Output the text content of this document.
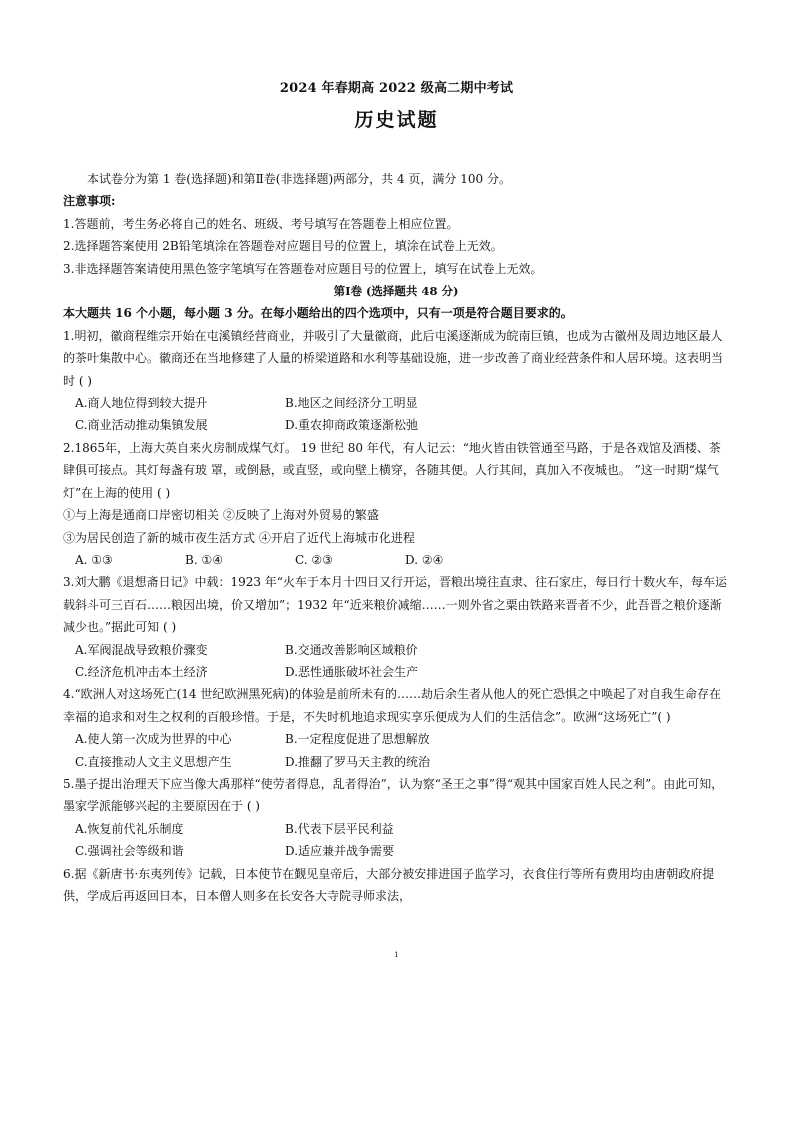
2024 年春期高 2022 级高二期中考试
历史试题

本试卷分为第 1 卷(选择题)和第Ⅱ卷(非选择题)两部分，共 4 页，满分 100 分。

注意事项:

1.答题前，考生务必将自己的姓名、班级、考号填写在答题卷上相应位置。

2.选择题答案使用 2B铅笔填涂在答题卷对应题目号的位置上，填涂在试卷上无效。

3.非选择题答案请使用黑色签字笔填写在答题卷对应题目号的位置上，填写在试卷上无效。

第Ⅰ卷 (选择题共 48 分)

本大题共 16 个小题，每小题 3 分。在每小题给出的四个选项中，只有一项是符合题目要求的。

1.明初，徽商程维宗开始在屯溪镇经营商业，并吸引了大量徽商，此后屯溪逐渐成为皖南巨镇，也成为古徽州及周边地区最人的茶叶集散中心。徽商还在当地修建了人量的桥梁道路和水利等基础设施，进一步改善了商业经营条件和人居环境。这表明当时 ( )

A.商人地位得到较大提升	B.地区之间经济分工明显
C.商业活动推动集镇发展	D.重农抑商政策逐渐松弛

2.1865年，上海大英自来火房制成煤气灯。 19 世纪 80 年代，有人记云：“地火皆由铁管通至马路，于是各戏馆及酒楼、茶肆俱可接点。其灯每盏有玻 罩，或倒悬，或直竖，或向壁上横穿，各随其便。人行其间，真加入不夜城也。 ”这一时期“煤气灯”在上海的使用 ( )

①与上海是通商口岸密切相关 ②反映了上海对外贸易的繁盛

③为居民创造了新的城市夜生活方式 ④开启了近代上海城市化进程

A. ①③	B. ①④	C. ②③	D. ②④

3.刘大鹏《退想斋日记》中载：1923 年“火车于本月十四日又行开运，晋粮出境往直隶、往石家庄，每日行十数火车，每车运载斜斗可三百石……粮因出境，价又增加”；1932 年“近来粮价减缩……一则外省之粟由铁路来晋者不少，此吾晋之粮价逐渐减少也。”据此可知 ( )

A.军阀混战导致粮价骤变	B.交通改善影响区域粮价
C.经济危机冲击本土经济	D.恶性通胀破坏社会生产

4.“欧洲人对这场死亡(14 世纪欧洲黑死病)的体验是前所未有的……劫后余生者从他人的死亡恐惧之中唤起了对自我生命存在幸福的追求和对生之权利的百般珍惜。于是，不失时机地追求现实享乐便成为人们的生活信念”。欧洲“这场死亡”( )

A.使人第一次成为世界的中心	B.一定程度促进了思想解放
C.直接推动人文主义思想产生	D.推翻了罗马天主教的统治

5.墨子提出治理天下应当像大禹那样“使劳者得息，乱者得治”，认为察“圣王之事”得“观其中国家百姓人民之利”。由此可知，墨家学派能够兴起的主要原因在于 ( )

A.恢复前代礼乐制度	B.代表下层平民利益
C.强调社会等级和谐	D.适应兼并战争需要

6.据《新唐书·东夷列传》记载，日本使节在觐见皇帝后，大部分被安排进国子监学习，衣食住行等所有费用均由唐朝政府提供，学成后再返回日本，日本僧人则多在长安各大寺院寻师求法，

1
